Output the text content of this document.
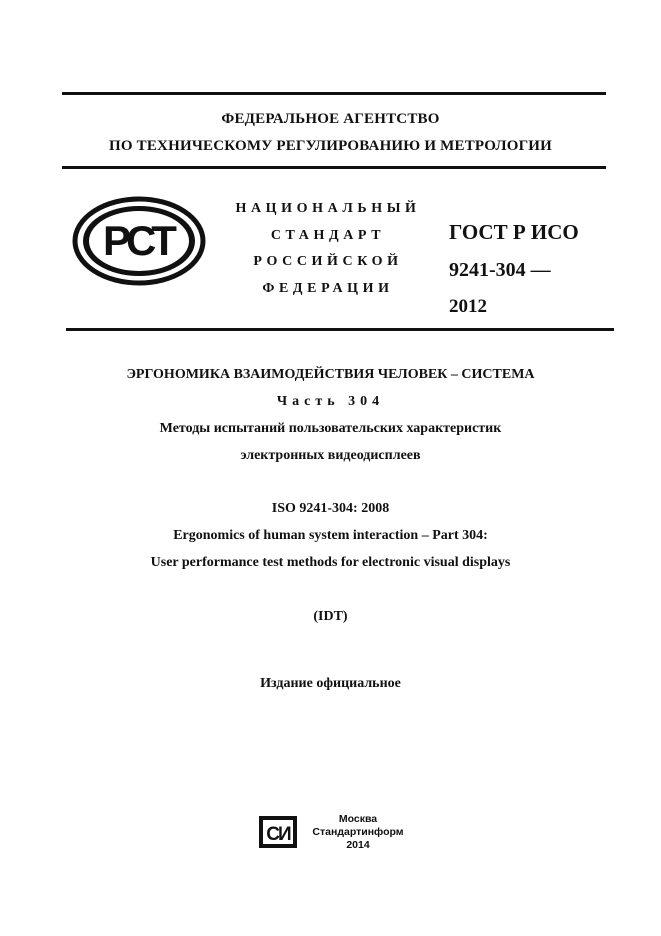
ФЕДЕРАЛЬНОЕ АГЕНТСТВО
ПО ТЕХНИЧЕСКОМУ РЕГУЛИРОВАНИЮ И МЕТРОЛОГИИ
РСТ
НАЦИОНАЛЬНЫЙ
СТАНДАРТ
РОССИЙСКОЙ
ФЕДЕРАЦИИ
ГОСТ Р ИСО
9241-304 —
2012
ЭРГОНОМИКА ВЗАИМОДЕЙСТВИЯ ЧЕЛОВЕК – СИСТЕМА
Часть 304
Методы испытаний пользовательских характеристик
электронных видеодисплеев
ISO 9241-304: 2008
Ergonomics of human system interaction – Part 304:
User performance test methods for electronic visual displays
(IDT)
Издание официальное
СИ
Москва
Стандартинформ
2014
